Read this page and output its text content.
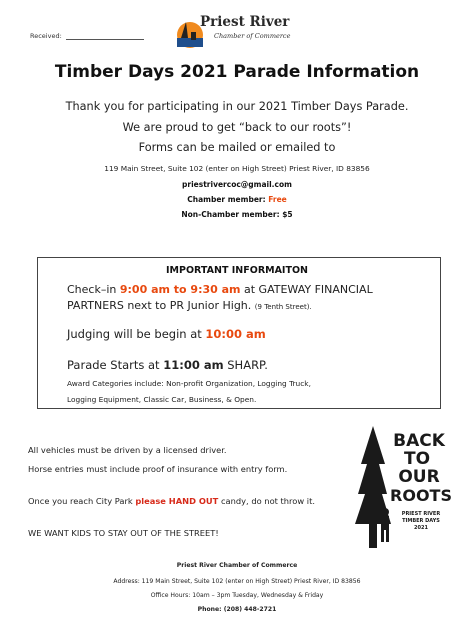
Received:
Priest River
Chamber of Commerce
Timber Days 2021 Parade Information
Thank you for participating in our 2021 Timber Days Parade.
We are proud to get “back to our roots”!
Forms can be mailed or emailed to
119 Main Street, Suite 102 (enter on High Street) Priest River, ID 83856
priestrivercoc@gmail.com
Chamber member: Free
Non-Chamber member: $5
IMPORTANT INFORMAITON
Check–in 9:00 am to 9:30 am at GATEWAY FINANCIAL
PARTNERS next to PR Junior High. (9 Tenth Street).
Judging will be begin at 10:00 am
Parade Starts at 11:00 am SHARP.
Award Categories include: Non-profit Organization, Logging Truck,
Logging Equipment, Classic Car, Business, & Open.
All vehicles must be driven by a licensed driver.
Horse entries must include proof of insurance with entry form.
Once you reach City Park please HAND OUT candy, do not throw it.
WE WANT KIDS TO STAY OUT OF THE STREET!
BACK
TO
OUR
ROOTS
PRIEST RIVER
TIMBER DAYS
2021
Priest River Chamber of Commerce
Address: 119 Main Street, Suite 102 (enter on High Street) Priest River, ID 83856
Office Hours: 10am – 3pm Tuesday, Wednesday & Friday
Phone: (208) 448-2721
